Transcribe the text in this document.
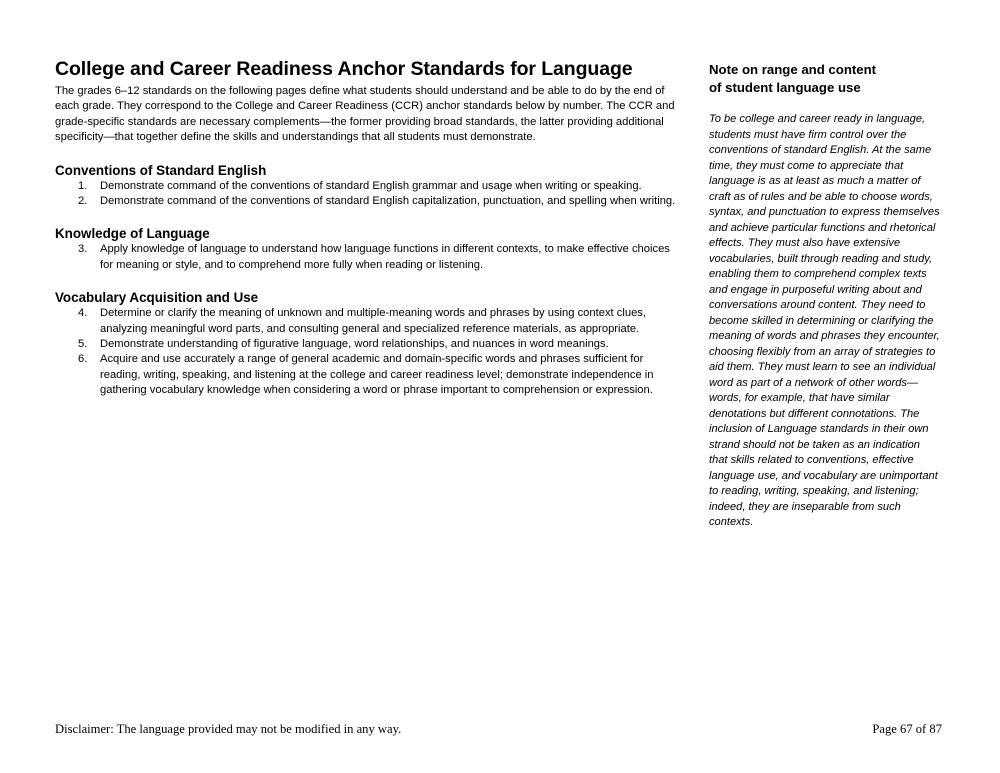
College and Career Readiness Anchor Standards for Language

The grades 6–12 standards on the following pages define what students should understand and be able to do by the end of each grade. They correspond to the College and Career Readiness (CCR) anchor standards below by number. The CCR and grade-specific standards are necessary complements—the former providing broad standards, the latter providing additional specificity—that together define the skills and understandings that all students must demonstrate.

Conventions of Standard English
1. Demonstrate command of the conventions of standard English grammar and usage when writing or speaking.
2. Demonstrate command of the conventions of standard English capitalization, punctuation, and spelling when writing.
Knowledge of Language
3. Apply knowledge of language to understand how language functions in different contexts, to make effective choices for meaning or style, and to comprehend more fully when reading or listening.
Vocabulary Acquisition and Use
4. Determine or clarify the meaning of unknown and multiple-meaning words and phrases by using context clues, analyzing meaningful word parts, and consulting general and specialized reference materials, as appropriate.
5. Demonstrate understanding of figurative language, word relationships, and nuances in word meanings.
6. Acquire and use accurately a range of general academic and domain-specific words and phrases sufficient for reading, writing, speaking, and listening at the college and career readiness level; demonstrate independence in gathering vocabulary knowledge when considering a word or phrase important to comprehension or expression.
Note on range and content
of student language use

To be college and career ready in language, students must have firm control over the conventions of standard English. At the same time, they must come to appreciate that language is as at least as much a matter of craft as of rules and be able to choose words, syntax, and punctuation to express themselves and achieve particular functions and rhetorical effects. They must also have extensive vocabularies, built through reading and study, enabling them to comprehend complex texts and engage in purposeful writing about and conversations around content. They need to become skilled in determining or clarifying the meaning of words and phrases they encounter, choosing flexibly from an array of strategies to aid them. They must learn to see an individual word as part of a network of other words—words, for example, that have similar denotations but different connotations. The inclusion of Language standards in their own strand should not be taken as an indication that skills related to conventions, effective language use, and vocabulary are unimportant to reading, writing, speaking, and listening; indeed, they are inseparable from such contexts.

Disclaimer: The language provided may not be modified in any way.	Page 67 of 87
